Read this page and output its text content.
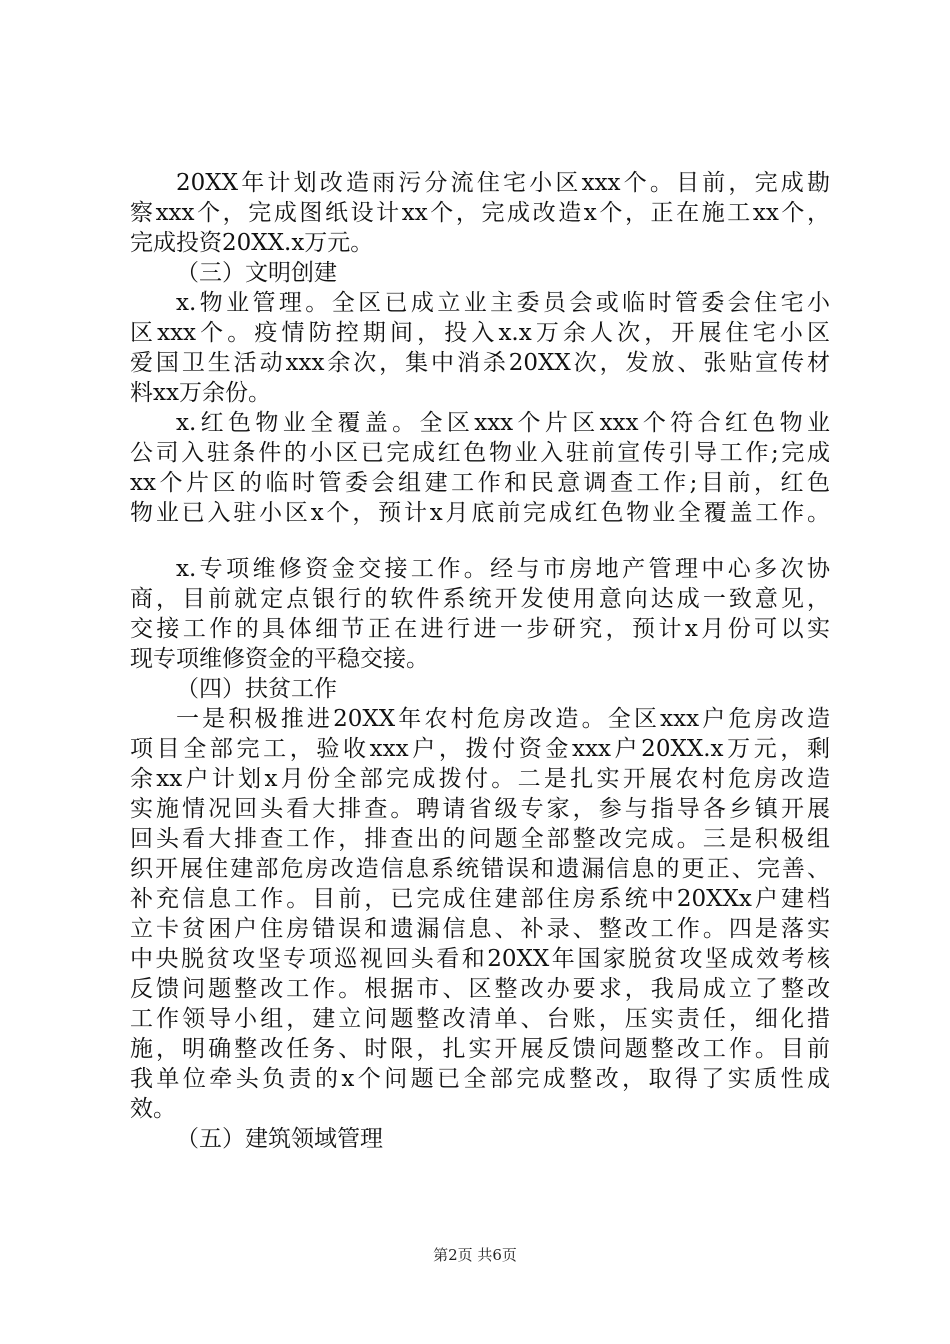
20XX年计划改造雨污分流住宅小区xxx个。目前，完成勘
察xxx个，完成图纸设计xx个，完成改造x个，正在施工xx个，
完成投资20XX.x万元。
（三）文明创建
x.物业管理。全区已成立业主委员会或临时管委会住宅小
区xxx个。疫情防控期间，投入x.x万余人次，开展住宅小区
爱国卫生活动xxx余次，集中消杀20XX次，发放、张贴宣传材
料xx万余份。
x.红色物业全覆盖。全区xxx个片区xxx个符合红色物业
公司入驻条件的小区已完成红色物业入驻前宣传引导工作;完成
xx个片区的临时管委会组建工作和民意调查工作;目前，红色
物业已入驻小区x个，预计x月底前完成红色物业全覆盖工作。
x.专项维修资金交接工作。经与市房地产管理中心多次协
商，目前就定点银行的软件系统开发使用意向达成一致意见，
交接工作的具体细节正在进行进一步研究，预计x月份可以实
现专项维修资金的平稳交接。
（四）扶贫工作
一是积极推进20XX年农村危房改造。全区xxx户危房改造
项目全部完工，验收xxx户，拨付资金xxx户20XX.x万元，剩
余xx户计划x月份全部完成拨付。二是扎实开展农村危房改造
实施情况回头看大排查。聘请省级专家，参与指导各乡镇开展
回头看大排查工作，排查出的问题全部整改完成。三是积极组
织开展住建部危房改造信息系统错误和遗漏信息的更正、完善、
补充信息工作。目前，已完成住建部住房系统中20XXx户建档
立卡贫困户住房错误和遗漏信息、补录、整改工作。四是落实
中央脱贫攻坚专项巡视回头看和20XX年国家脱贫攻坚成效考核
反馈问题整改工作。根据市、区整改办要求，我局成立了整改
工作领导小组，建立问题整改清单、台账，压实责任，细化措
施，明确整改任务、时限，扎实开展反馈问题整改工作。目前
我单位牵头负责的x个问题已全部完成整改，取得了实质性成
效。
（五）建筑领域管理
第2页 共6页
